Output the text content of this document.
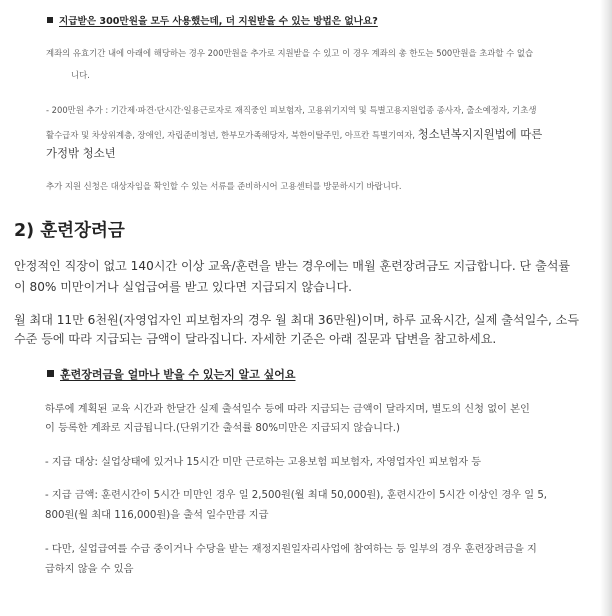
지급받은 300만원을 모두 사용했는데, 더 지원받을 수 있는 방법은 없나요?
계좌의 유효기간 내에 아래에 해당하는 경우 200만원을 추가로 지원받을 수 있고 이 경우 계좌의 총 한도는 500만원을 초과할 수 없습
니다.
- 200만원 추가 : 기간제·파견·단시간·일용근로자로 재직중인 피보험자, 고용위기지역 및 특별고용지원업종 종사자, 출소예정자, 기초생
활수급자 및 차상위계층, 장애인, 자립준비청년, 한부모가족해당자, 북한이탈주민, 아프칸 특별기여자, 청소년복지지원법에 따른
가정밖 청소년
추가 지원 신청은 대상자임을 확인할 수 있는 서류를 준비하시어 고용센터를 방문하시기 바랍니다.
2) 훈련장려금
안정적인 직장이 없고 140시간 이상 교육/훈련을 받는 경우에는 매월 훈련장려금도 지급합니다. 단 출석률
이 80% 미만이거나 실업급여를 받고 있다면 지급되지 않습니다.
월 최대 11만 6천원(자영업자인 피보험자의 경우 월 최대 36만원)이며, 하루 교육시간, 실제 출석일수, 소득
수준 등에 따라 지급되는 금액이 달라집니다. 자세한 기준은 아래 질문과 답변을 참고하세요.
훈련장려금을 얼마나 받을 수 있는지 알고 싶어요
하루에 계획된 교육 시간과 한달간 실제 출석일수 등에 따라 지급되는 금액이 달라지며, 별도의 신청 없이 본인
이 등록한 계좌로 지급됩니다.(단위기간 출석률 80%미만은 지급되지 않습니다.)
- 지급 대상: 실업상태에 있거나 15시간 미만 근로하는 고용보험 피보험자, 자영업자인 피보험자 등
- 지급 금액: 훈련시간이 5시간 미만인 경우 일 2,500원(월 최대 50,000원), 훈련시간이 5시간 이상인 경우 일 5,
800원(월 최대 116,000원)을 출석 일수만큼 지급
- 다만, 실업급여를 수급 중이거나 수당을 받는 재정지원일자리사업에 참여하는 등 일부의 경우 훈련장려금을 지
급하지 않을 수 있음
